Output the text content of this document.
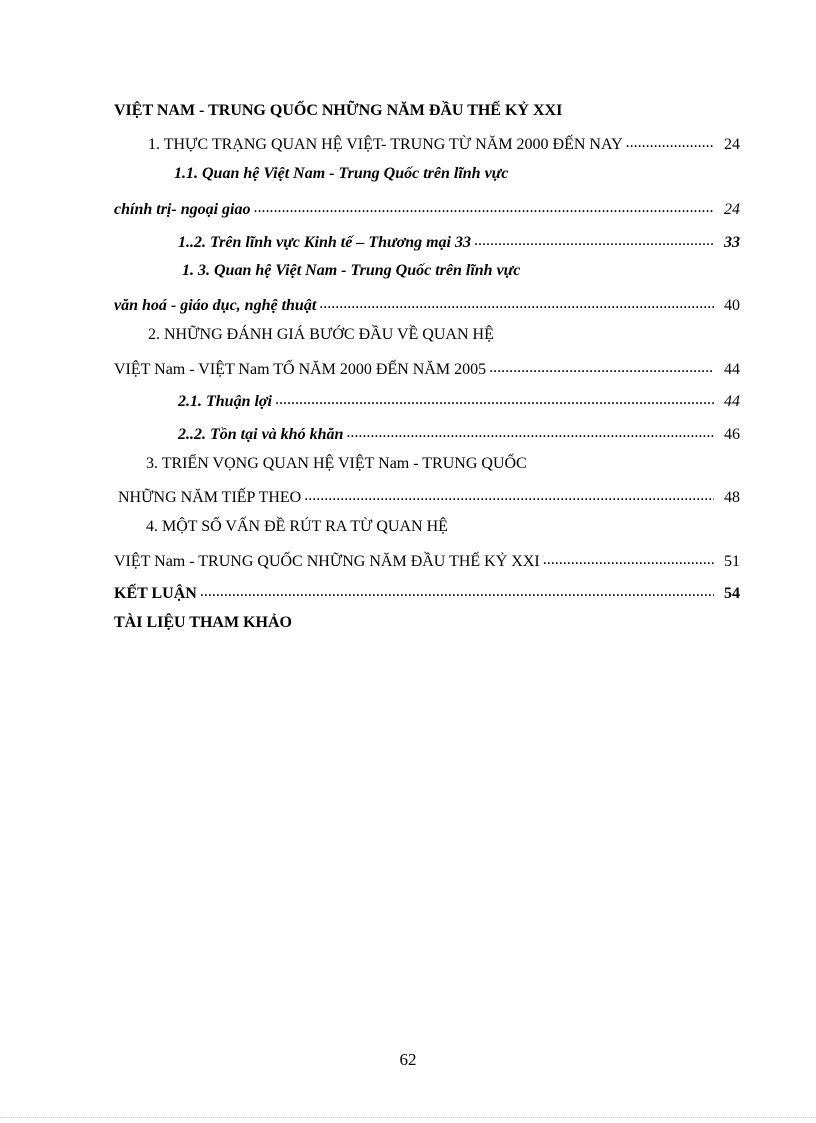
VIỆT NAM - TRUNG QUỐC NHỮNG NĂM ĐẦU THẾ KỶ XXI
1. THỰC TRẠNG QUAN HỆ VIỆT- TRUNG TỪ NĂM 2000 ĐẾN NAY .....	24
1.1. Quan hệ Việt Nam - Trung Quốc trên lĩnh vực
chính trị- ngoại giao .....	24
1..2. Trên lĩnh vực Kinh tế – Thương mại 33 .....	33
1. 3. Quan hệ Việt Nam - Trung Quốc trên lĩnh vực
văn hoá - giáo dục, nghệ thuật .....	40
2. NHỮNG ĐÁNH GIÁ BƯỚC ĐẦU VỀ QUAN HỆ
VIỆT Nam - VIỆT Nam TỐ NĂM 2000 ĐẾN NĂM 2005 .....	44
2.1. Thuận lợi .....	44
2..2. Tồn tại và khó khăn .....	46
3. TRIỂN VỌNG QUAN HỆ VIỆT Nam - TRUNG QUỐC
NHỮNG NĂM TIẾP THEO .....	48
4. MỘT SỐ VẤN ĐỀ RÚT RA TỪ QUAN HỆ
VIỆT Nam - TRUNG QUỐC NHỮNG NĂM ĐẦU THẾ KỶ XXI .....	51
KẾT LUẬN .....	54
TÀI LIỆU THAM KHẢO
62
